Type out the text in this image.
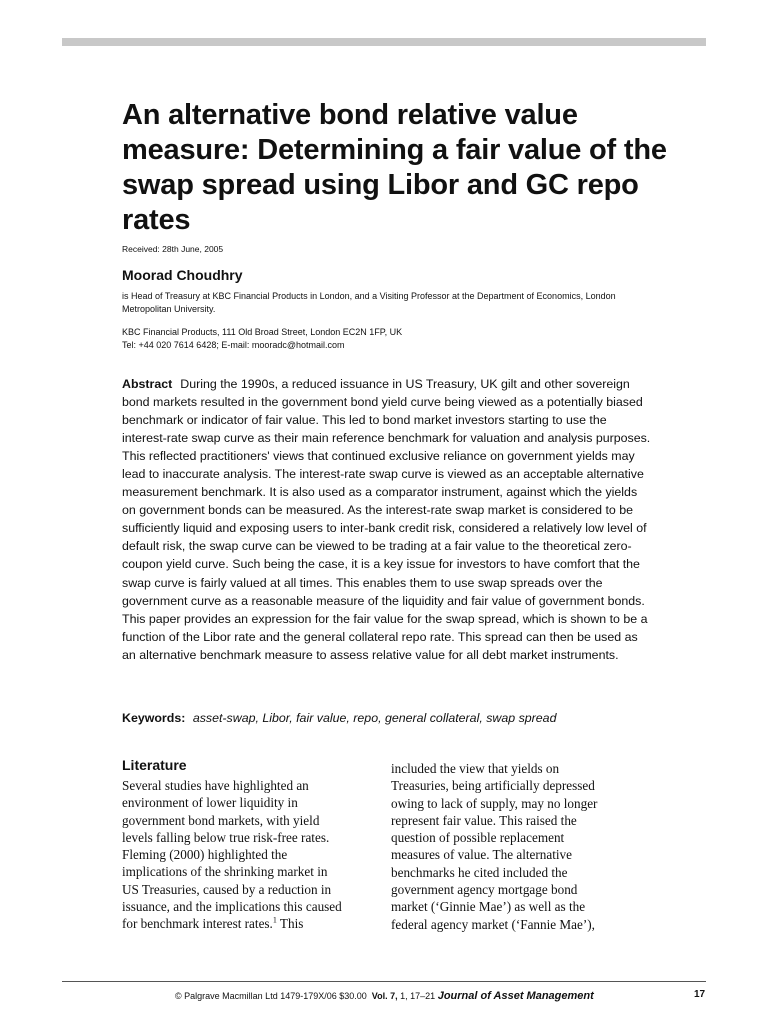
An alternative bond relative value measure: Determining a fair value of the swap spread using Libor and GC repo rates
Received: 28th June, 2005
Moorad Choudhry
is Head of Treasury at KBC Financial Products in London, and a Visiting Professor at the Department of Economics, London Metropolitan University.
KBC Financial Products, 111 Old Broad Street, London EC2N 1FP, UK
Tel: +44 020 7614 6428; E-mail: mooradc@hotmail.com

Abstract During the 1990s, a reduced issuance in US Treasury, UK gilt and other sovereign bond markets resulted in the government bond yield curve being viewed as a potentially biased benchmark or indicator of fair value. This led to bond market investors starting to use the interest-rate swap curve as their main reference benchmark for valuation and analysis purposes. This reflected practitioners' views that continued exclusive reliance on government yields may lead to inaccurate analysis. The interest-rate swap curve is viewed as an acceptable alternative measurement benchmark. It is also used as a comparator instrument, against which the yields on government bonds can be measured. As the interest-rate swap market is considered to be sufficiently liquid and exposing users to inter-bank credit risk, considered a relatively low level of default risk, the swap curve can be viewed to be trading at a fair value to the theoretical zero-coupon yield curve. Such being the case, it is a key issue for investors to have comfort that the swap curve is fairly valued at all times. This enables them to use swap spreads over the government curve as a reasonable measure of the liquidity and fair value of government bonds. This paper provides an expression for the fair value for the swap spread, which is shown to be a function of the Libor rate and the general collateral repo rate. This spread can then be used as an alternative benchmark measure to assess relative value for all debt market instruments.

Keywords: asset-swap, Libor, fair value, repo, general collateral, swap spread
Literature
Several studies have highlighted an
environment of lower liquidity in
government bond markets, with yield
levels falling below true risk-free rates.
Fleming (2000) highlighted the
implications of the shrinking market in
US Treasuries, caused by a reduction in
issuance, and the implications this caused
for benchmark interest rates.$^1$ This
included the view that yields on
Treasuries, being artificially depressed
owing to lack of supply, may no longer
represent fair value. This raised the
question of possible replacement
measures of value. The alternative
benchmarks he cited included the
government agency mortgage bond
market (‘Ginnie Mae’) as well as the
federal agency market (‘Fannie Mae’),
© Palgrave Macmillan Ltd 1479-179X/06 $30.00 Vol. 7, 1, 17–21 Journal of Asset Management	17
